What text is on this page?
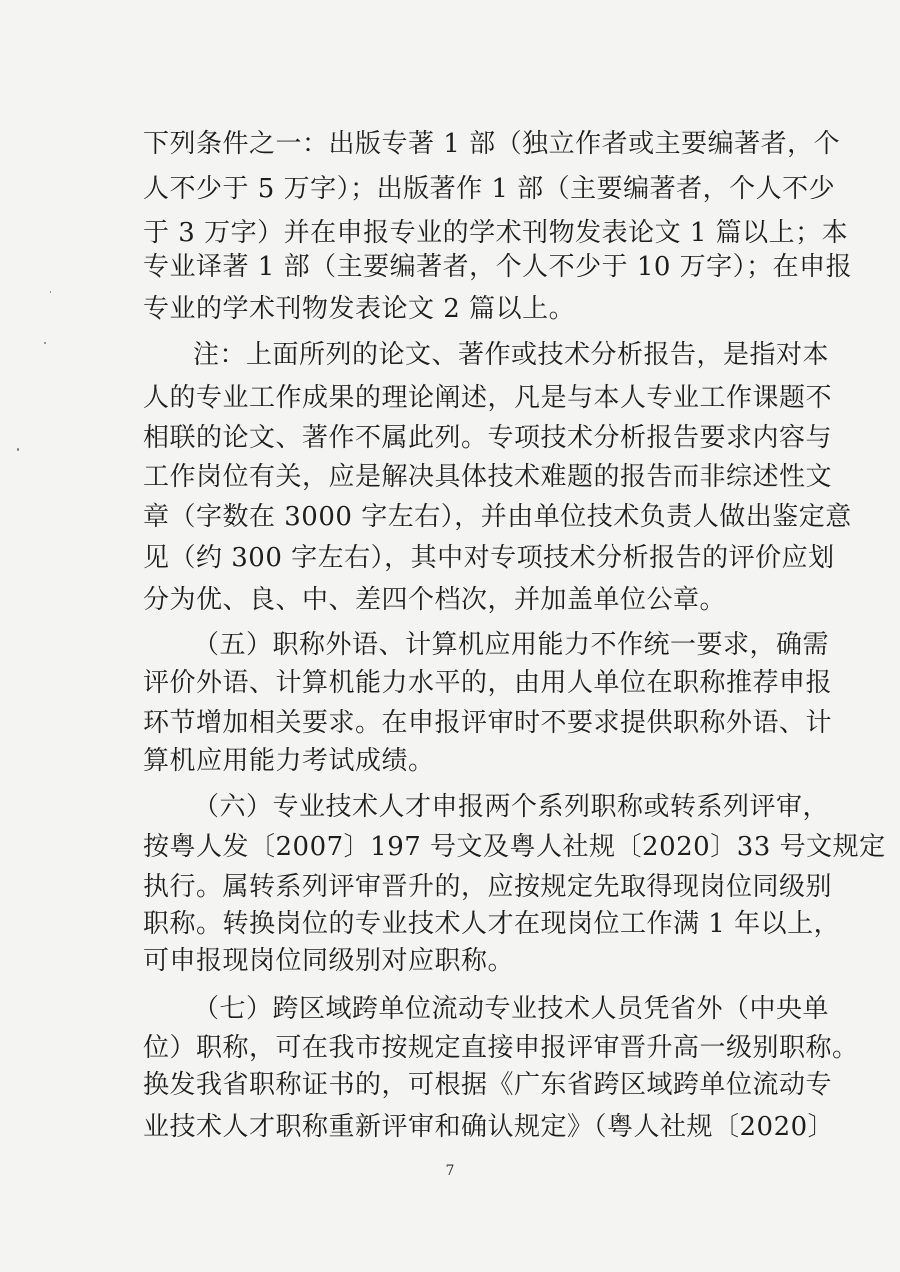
下列条件之一：出版专著 1 部（独立作者或主要编著者，个
人不少于 5 万字）；出版著作 1 部（主要编著者，个人不少
于 3 万字）并在申报专业的学术刊物发表论文 1 篇以上；本
专业译著 1 部（主要编著者，个人不少于 10 万字）；在申报
专业的学术刊物发表论文 2 篇以上。
注：上面所列的论文、著作或技术分析报告，是指对本
人的专业工作成果的理论阐述，凡是与本人专业工作课题不
相联的论文、著作不属此列。专项技术分析报告要求内容与
工作岗位有关，应是解决具体技术难题的报告而非综述性文
章（字数在 3000 字左右），并由单位技术负责人做出鉴定意
见（约 300 字左右），其中对专项技术分析报告的评价应划
分为优、良、中、差四个档次，并加盖单位公章。
（五）职称外语、计算机应用能力不作统一要求，确需
评价外语、计算机能力水平的，由用人单位在职称推荐申报
环节增加相关要求。在申报评审时不要求提供职称外语、计
算机应用能力考试成绩。
（六）专业技术人才申报两个系列职称或转系列评审，
按粤人发〔2007〕197 号文及粤人社规〔2020〕33 号文规定
执行。属转系列评审晋升的，应按规定先取得现岗位同级别
职称。转换岗位的专业技术人才在现岗位工作满 1 年以上，
可申报现岗位同级别对应职称。
（七）跨区域跨单位流动专业技术人员凭省外（中央单
位）职称，可在我市按规定直接申报评审晋升高一级别职称。
换发我省职称证书的，可根据《广东省跨区域跨单位流动专
业技术人才职称重新评审和确认规定》（粤人社规〔2020〕
7
